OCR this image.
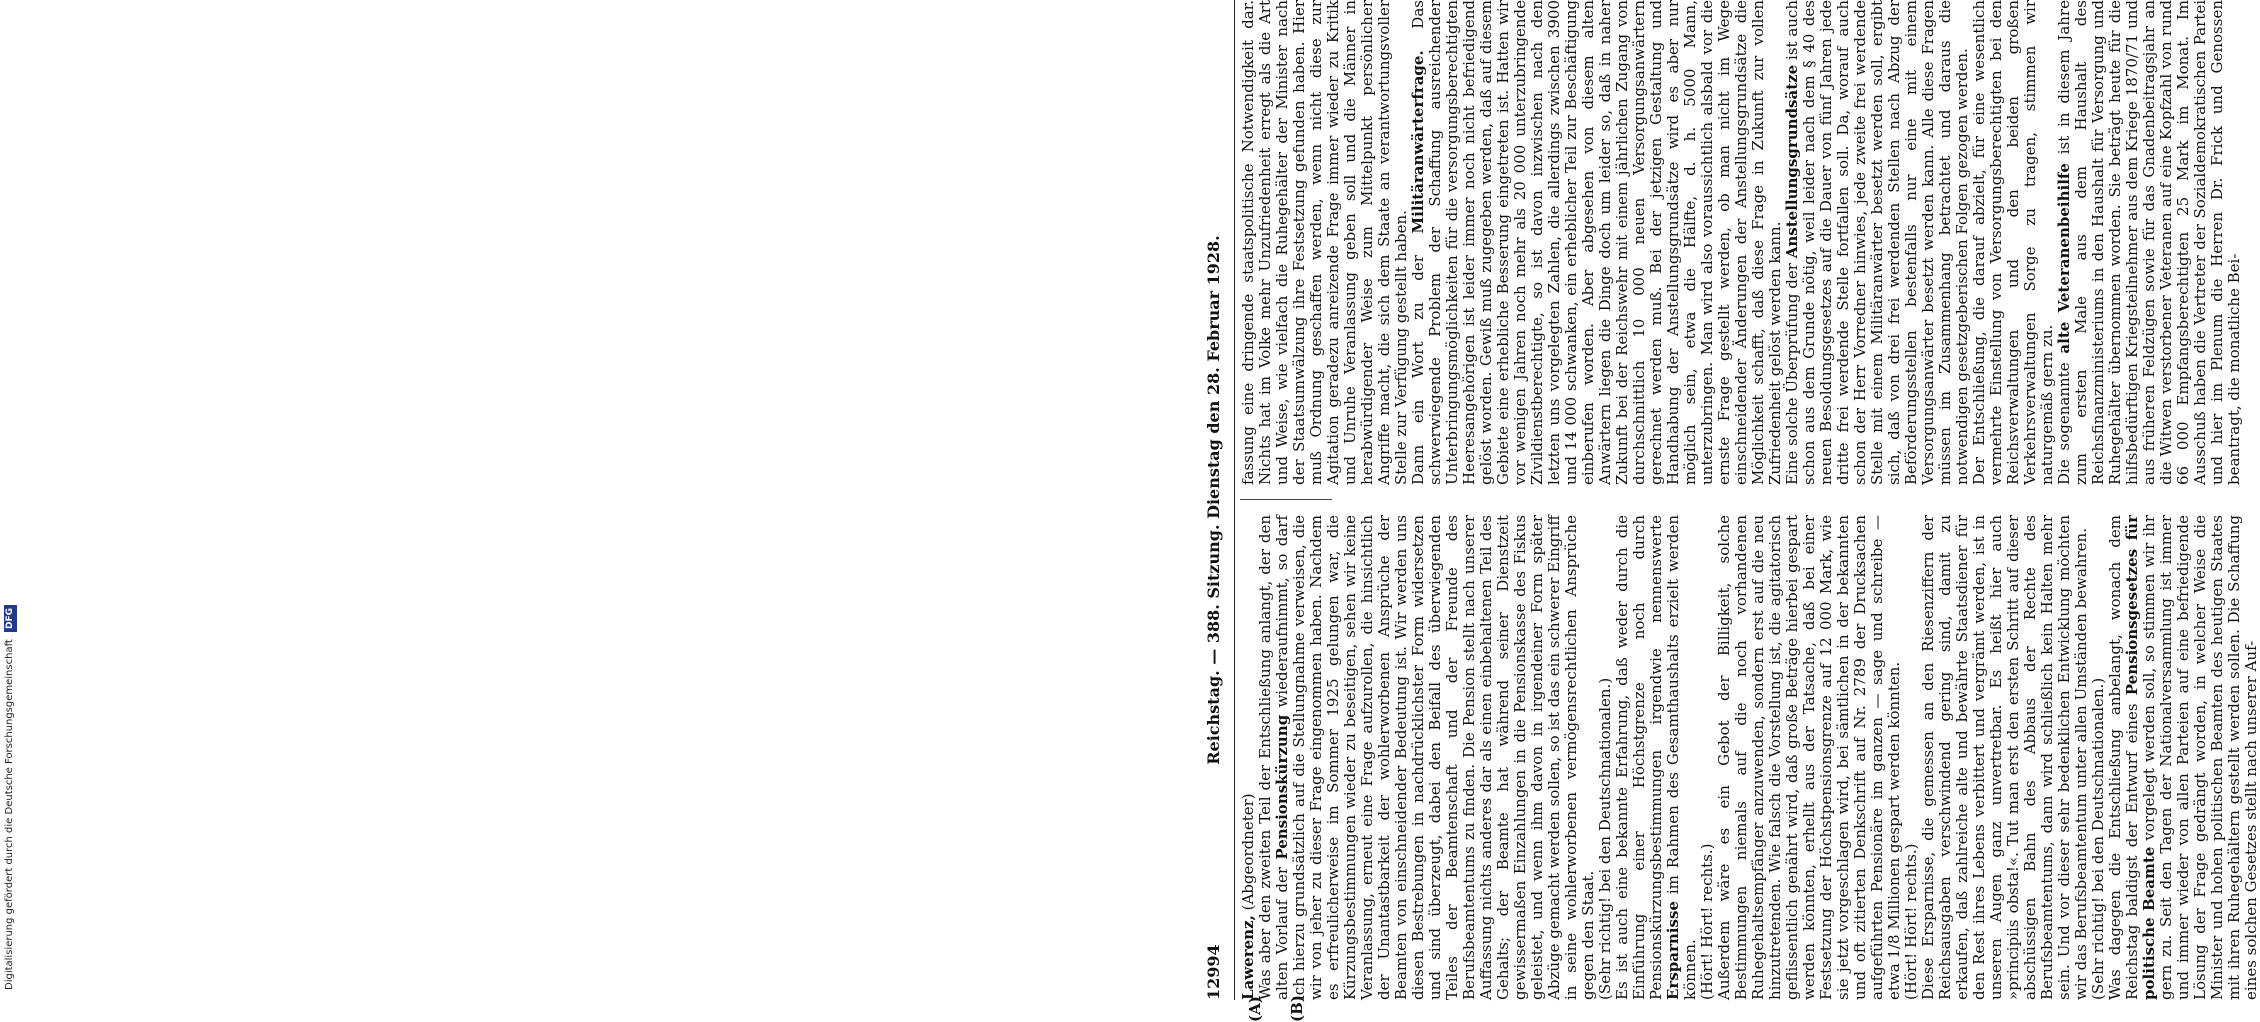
Digitalisierung gefördert durch die Deutsche Forschungsgemeinschaft DFG
(A) (B)
12994
Reichstag. — 388. Sitzung. Dienstag den 28. Februar 1928.

Lawerenz, (Abgeordneter) Was aber den zweiten Teil der Entschließung anlangt, der den alten Vorlauf der Pensionskürzung wiederaufnimmt, so darf ich hierzu grundsätzlich auf die Stellungnahme verweisen, die wir von jeher zu dieser Frage eingenommen haben. Nachdem es erfreulicherweise im Sommer 1925 gelungen war, die Kürzungsbestimmungen wieder zu beseitigen, sehen wir keine Veranlassung, erneut eine Frage aufzurollen, die hinsichtlich der Unantastbarkeit der wohlerworbenen Ansprüche der Beamten von einschneidender Bedeutung ist. Wir werden uns diesen Bestrebungen in nachdrücklichster Form widersetzen und sind überzeugt, dabei den Beifall des überwiegenden Teiles der Beamtenschaft und der Freunde des Berufsbeamtentums zu finden. Die Pension stellt nach unserer Auffassung nichts anderes dar als einen einbehaltenen Teil des Gehalts; der Beamte hat während seiner Dienstzeit gewissermaßen Einzahlungen in die Pensionskasse des Fiskus geleistet, und wenn ihm davon in irgendeiner Form später Abzüge gemacht werden sollen, so ist das ein schwerer Eingriff in seine wohlerworbenen vermögensrechtlichen Ansprüche gegen den Staat. (Sehr richtig! bei den Deutschnationalen.) Es ist auch eine bekannte Erfahrung, daß weder durch die Einführung einer Höchstgrenze noch durch Pensionskürzungsbestimmungen irgendwie nennenswerte Ersparnisse im Rahmen des Gesamthaushalts erzielt werden können. (Hört! Hört! rechts.) Außerdem wäre es ein Gebot der Billigkeit, solche Bestimmungen niemals auf die noch vorhandenen Ruhegehaltsempfänger anzuwenden, sondern erst auf die neu hinzutretenden. Wie falsch die Vorstellung ist, die agitatorisch geflissentlich genährt wird, daß große Beträge hierbei gespart werden könnten, erhellt aus der Tatsache, daß bei einer Festsetzung der Höchstpensionsgrenze auf 12 000 Mark, wie sie jetzt vorgeschlagen wird, bei sämtlichen in der bekannten und oft zitierten Denkschrift auf Nr. 2789 der Drucksachen aufgeführten Pensionäre im ganzen — sage und schreibe — etwa 1/8 Millionen gespart werden könnten. (Hört! Hört! rechts.) Diese Ersparnisse, die gemessen an den Riesenziffern der Reichsausgaben verschwindend gering sind, damit zu erkaufen, daß zahlreiche alte und bewährte Staatsdiener für den Rest ihres Lebens verbittert und vergrämt werden, ist in unseren Augen ganz unvertretbar. Es heißt hier auch »principiis obsta!«. Tut man erst den ersten Schritt auf dieser abschüssigen Bahn des Abbaus der Rechte des Berufsbeamtentums, dann wird schließlich kein Halten mehr sein. Und vor dieser sehr bedenklichen Entwicklung möchten wir das Berufsbeamtentum unter allen Umständen bewahren. (Sehr richtig! bei den Deutschnationalen.) Was dagegen die Entschließung anbelangt, wonach dem Reichstag baldigst der Entwurf eines Pensionsgesetzes für politische Beamte vorgelegt werden soll, so stimmen wir ihr gern zu. Seit den Tagen der Nationalversammlung ist immer und immer wieder von allen Parteien auf eine befriedigende Lösung der Frage gedrängt worden, in welcher Weise die Minister und hohen politischen Beamten des heutigen Staates mit ihren Ruhegehältern gestellt werden sollen. Die Schaffung eines solchen Gesetzes stellt nach unserer Auf-

fassung eine dringende staatspolitische Notwendigkeit dar. Nichts hat im Volke mehr Unzufriedenheit erregt als die Art und Weise, wie vielfach die Ruhegehälter der Minister nach der Staatsumwälzung ihre Festsetzung gefunden haben. Hier muß Ordnung geschaffen werden, wenn nicht diese zur Agitation geradezu anreizende Frage immer wieder zu Kritik und Unruhe Veranlassung geben soll und die Männer in herabwürdigender Weise zum Mittelpunkt persönlicher Angriffe macht, die sich dem Staate an verantwortungsvoller Stelle zur Verfügung gestellt haben. Dann ein Wort zu der Militäranwärterfrage. Das schwerwiegende Problem der Schaffung ausreichender Unterbringungsmöglichkeiten für die versorgungsberechtigten Heeresangehörigen ist leider immer noch nicht befriedigend gelöst worden. Gewiß muß zugegeben werden, daß auf diesem Gebiete eine erhebliche Besserung eingetreten ist. Hatten wir vor wenigen Jahren noch mehr als 20 000 unterzubringende Zivildienstberechtigte, so ist davon inzwischen nach den letzten uns vorgelegten Zahlen, die allerdings zwischen 3900 und 14 000 schwanken, ein erheblicher Teil zur Beschäftigung einberufen worden. Aber abgesehen von diesem alten Anwärtern liegen die Dinge doch um leider so, daß in naher Zukunft bei der Reichswehr mit einem jährlichen Zugang von durchschnittlich 10 000 neuen Versorgungsanwärtern gerechnet werden muß. Bei der jetzigen Gestaltung und Handhabung der Anstellungsgrundsätze wird es aber nur möglich sein, etwa die Hälfte, d. h. 5000 Mann, unterzubringen. Man wird also voraussichtlich alsbald vor die ernste Frage gestellt werden, ob man nicht im Wege einschneidender Änderungen der Anstellungsgrundsätze die Möglichkeit schafft, daß diese Frage in Zukunft zur vollen Zufriedenheit gelöst werden kann. Eine solche Überprüfung der Anstellungsgrundsätze ist auch schon aus dem Grunde nötig, weil leider nach dem § 40 des neuen Besoldungsgesetzes auf die Dauer von fünf Jahren jede dritte frei werdende Stelle fortfallen soll. Da, worauf auch schon der Herr Vorredner hinwies, jede zweite frei werdende Stelle mit einem Militäranwärter besetzt werden soll, ergibt sich, daß von drei frei werdenden Stellen nach Abzug der Beförderungsstellen bestenfalls nur eine mit einem Versorgungsanwärter besetzt werden kann. Alle diese Fragen müssen im Zusammenhang betrachtet und daraus die notwendigen gesetzgeberischen Folgen gezogen werden. Der Entschließung, die darauf abzielt, für eine wesentlich vermehrte Einstellung von Versorgungsberechtigten bei den Reichsverwaltungen und den beiden großen Verkehrsverwaltungen Sorge zu tragen, stimmen wir naturgemäß gern zu. Die sogenannte alte Veteranenbeihilfe ist in diesem Jahre zum ersten Male aus dem Haushalt des Reichsfinanzministeriums in den Haushalt für Versorgung und Ruhegehälter übernommen worden. Sie beträgt heute für die hilfsbedürftigen Kriegsteilnehmer aus dem Kriege 1870/71 und aus früheren Feldzügen sowie für das Gnadenbeitragsjahr an die Witwen verstorbener Veteranen auf eine Kopfzahl von rund 66 000 Empfangsberechtigten 25 Mark im Monat. Im Ausschuß haben die Vertreter der Sozialdemokratischen Partei und hier im Plenum die Herren Dr. Frick und Genossen beantragt, die monatliche Bei-
